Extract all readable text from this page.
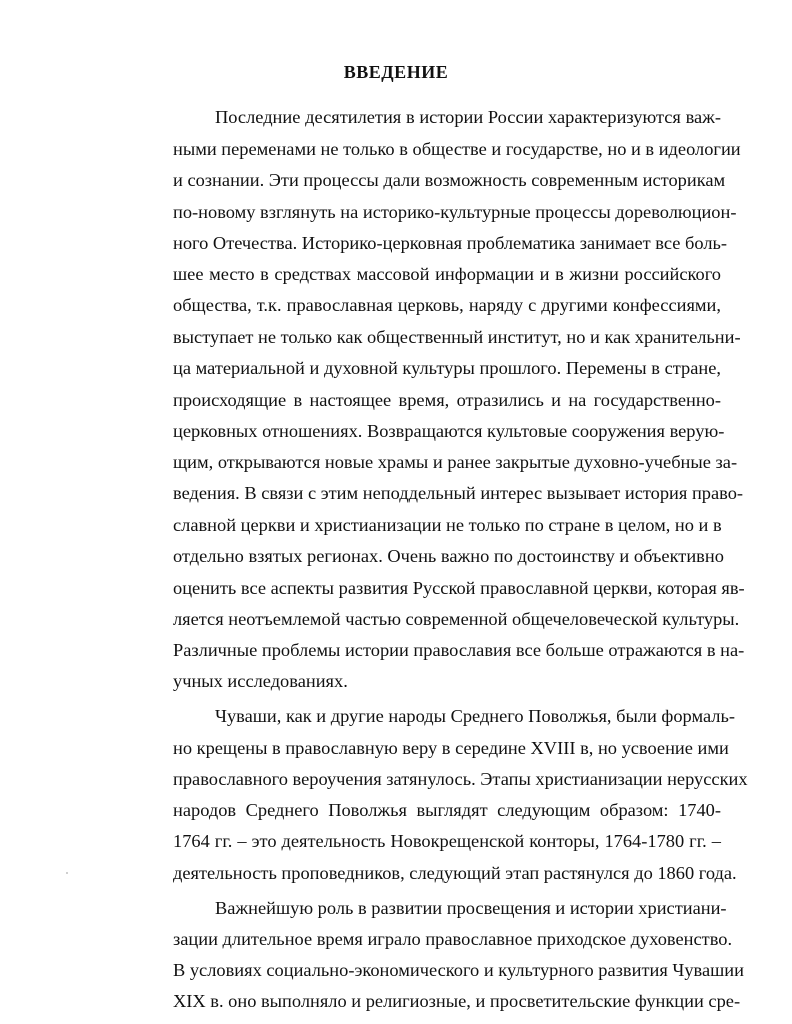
ВВЕДЕНИЕ
Последние десятилетия в истории России характеризуются важ-
ными переменами не только в обществе и государстве, но и в идеологии
и сознании. Эти процессы дали возможность современным историкам
по-новому взглянуть на историко-культурные процессы дореволюцион-
ного Отечества. Историко-церковная проблематика занимает все боль-
шее место в средствах массовой информации и в жизни российского
общества, т.к. православная церковь, наряду с другими конфессиями,
выступает не только как общественный институт, но и как хранительни-
ца материальной и духовной культуры прошлого. Перемены в стране,
происходящие в настоящее время, отразились и на государственно-
церковных отношениях. Возвращаются культовые сооружения верую-
щим, открываются новые храмы и ранее закрытые духовно-учебные за-
ведения. В связи с этим неподдельный интерес вызывает история право-
славной церкви и христианизации не только по стране в целом, но и в
отдельно взятых регионах. Очень важно по достоинству и объективно
оценить все аспекты развития Русской православной церкви, которая яв-
ляется неотъемлемой частью современной общечеловеческой культуры.
Различные проблемы истории православия все больше отражаются в на-
учных исследованиях.
Чуваши, как и другие народы Среднего Поволжья, были формаль-
но крещены в православную веру в середине XVIII в, но усвоение ими
православного вероучения затянулось. Этапы христианизации нерусских
народов Среднего Поволжья выглядят следующим образом: 1740-
1764 гг. – это деятельность Новокрещенской конторы, 1764-1780 гг. –
деятельность проповедников, следующий этап растянулся до 1860 года.
Важнейшую роль в развитии просвещения и истории христиани-
зации длительное время играло православное приходское духовенство.
В условиях социально-экономического и культурного развития Чувашии
XIX в. оно выполняло и религиозные, и просветительские функции сре-
